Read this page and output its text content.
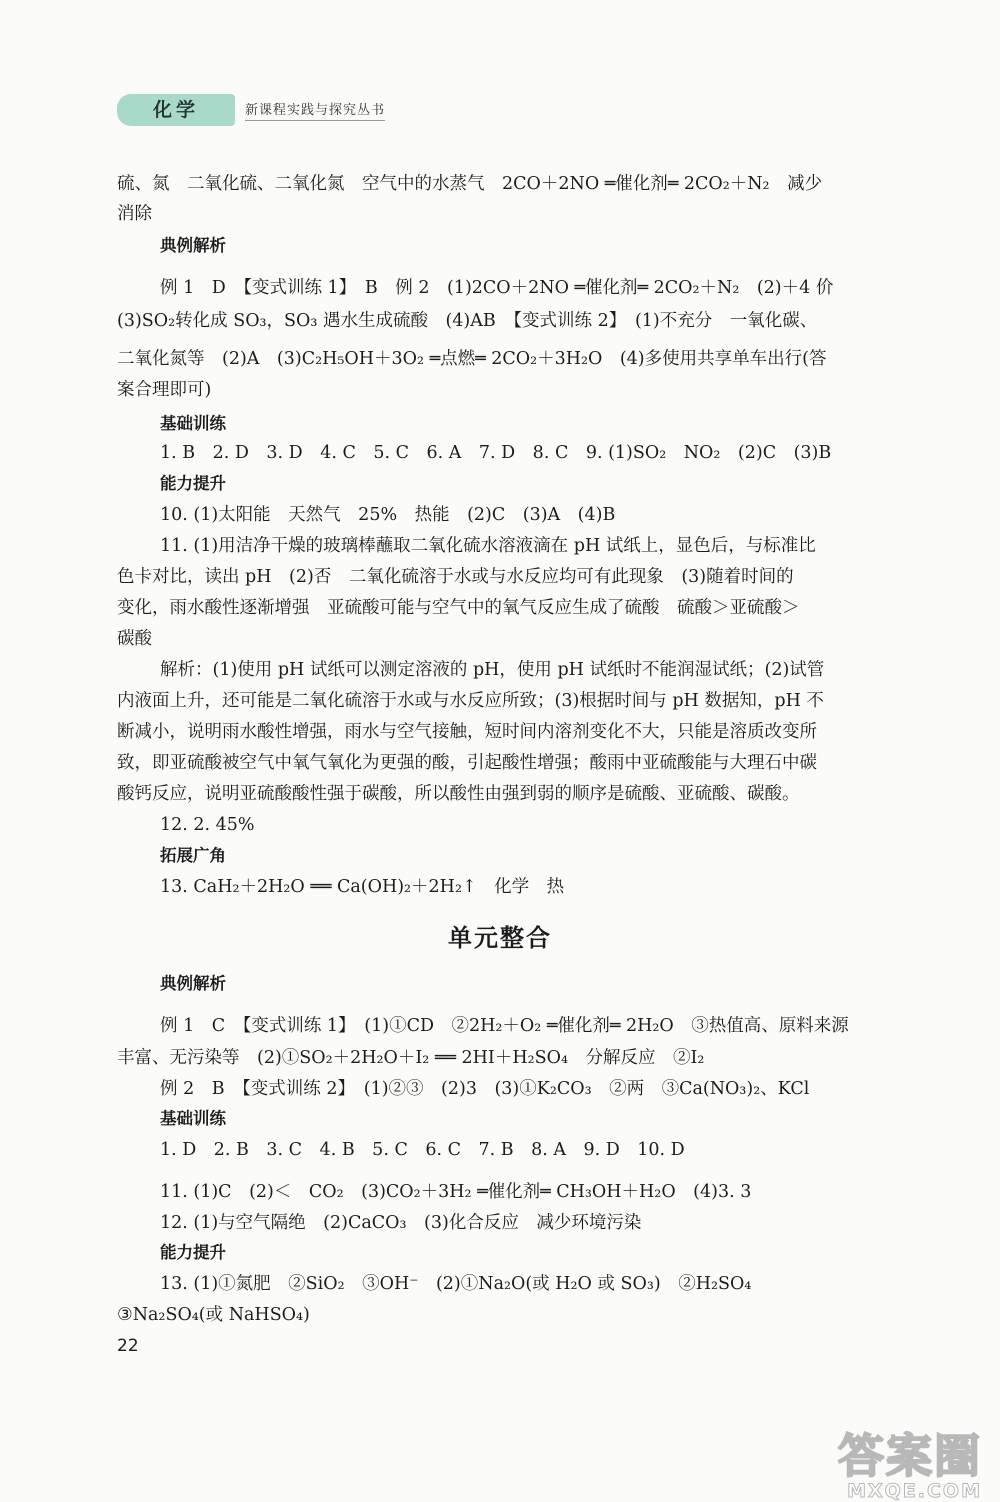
化学	新课程实践与探究丛书
硫、氮　二氧化硫、二氧化氮　空气中的水蒸气　2CO＋2NO ═催化剂═ 2CO₂＋N₂　减少
消除
典例解析
例 1　D　【变式训练 1】　B　例 2　(1)2CO＋2NO ═催化剂═ 2CO₂＋N₂　(2)＋4 价
(3)SO₂转化成 SO₃，SO₃ 遇水生成硫酸　(4)AB　【变式训练 2】　(1)不充分　一氧化碳、
二氧化氮等　(2)A　(3)C₂H₅OH＋3O₂ ═点燃═ 2CO₂＋3H₂O　(4)多使用共享单车出行(答
案合理即可)
基础训练
1. B　2. D　3. D　4. C　5. C　6. A　7. D　8. C　9. (1)SO₂　NO₂　(2)C　(3)B
能力提升
10. (1)太阳能　天然气　25%　热能　(2)C　(3)A　(4)B
11. (1)用洁净干燥的玻璃棒蘸取二氧化硫水溶液滴在 pH 试纸上，显色后，与标准比
色卡对比，读出 pH　(2)否　二氧化硫溶于水或与水反应均可有此现象　(3)随着时间的
变化，雨水酸性逐渐增强　亚硫酸可能与空气中的氧气反应生成了硫酸　硫酸＞亚硫酸＞
碳酸
解析：(1)使用 pH 试纸可以测定溶液的 pH，使用 pH 试纸时不能润湿试纸；(2)试管
内液面上升，还可能是二氧化硫溶于水或与水反应所致；(3)根据时间与 pH 数据知，pH 不
断减小，说明雨水酸性增强，雨水与空气接触，短时间内溶剂变化不大，只能是溶质改变所
致，即亚硫酸被空气中氧气氧化为更强的酸，引起酸性增强；酸雨中亚硫酸能与大理石中碳
酸钙反应，说明亚硫酸酸性强于碳酸，所以酸性由强到弱的顺序是硫酸、亚硫酸、碳酸。
12. 2. 45%
拓展广角
13. CaH₂＋2H₂O ══ Ca(OH)₂＋2H₂↑　化学　热
单元整合
典例解析
例 1　C　【变式训练 1】　(1)①CD　②2H₂＋O₂ ═催化剂═ 2H₂O　③热值高、原料来源
丰富、无污染等　(2)①SO₂＋2H₂O＋I₂ ══ 2HI＋H₂SO₄　分解反应　②I₂
例 2　B　【变式训练 2】　(1)②③　(2)3　(3)①K₂CO₃　②两　③Ca(NO₃)₂、KCl
基础训练
1. D　2. B　3. C　4. B　5. C　6. C　7. B　8. A　9. D　10. D
11. (1)C　(2)＜　CO₂　(3)CO₂＋3H₂ ═催化剂═ CH₃OH＋H₂O　(4)3. 3
12. (1)与空气隔绝　(2)CaCO₃　(3)化合反应　减少环境污染
能力提升
13. (1)①氮肥　②SiO₂　③OH⁻　(2)①Na₂O(或 H₂O 或 SO₃)　②H₂SO₄
③Na₂SO₄(或 NaHSO₄)
22
答案圈
MXQE.COM
